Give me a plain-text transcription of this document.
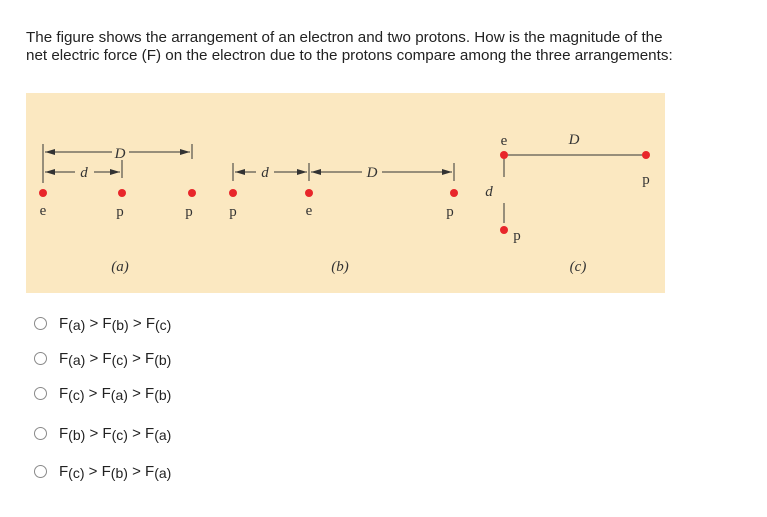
The figure shows the arrangement of an electron and two protons. How is the magnitude of the net electric force (F) on the electron due to the protons compare among the three arrangements:
D
d
e	p	p
(a)
d	D
p	e	p
(b)
e	D
p
d
p
(c)
F(a) > F(b) > F(c)
F(a) > F(c) > F(b)
F(c) > F(a) > F(b)
F(b) > F(c) > F(a)
F(c) > F(b) > F(a)
